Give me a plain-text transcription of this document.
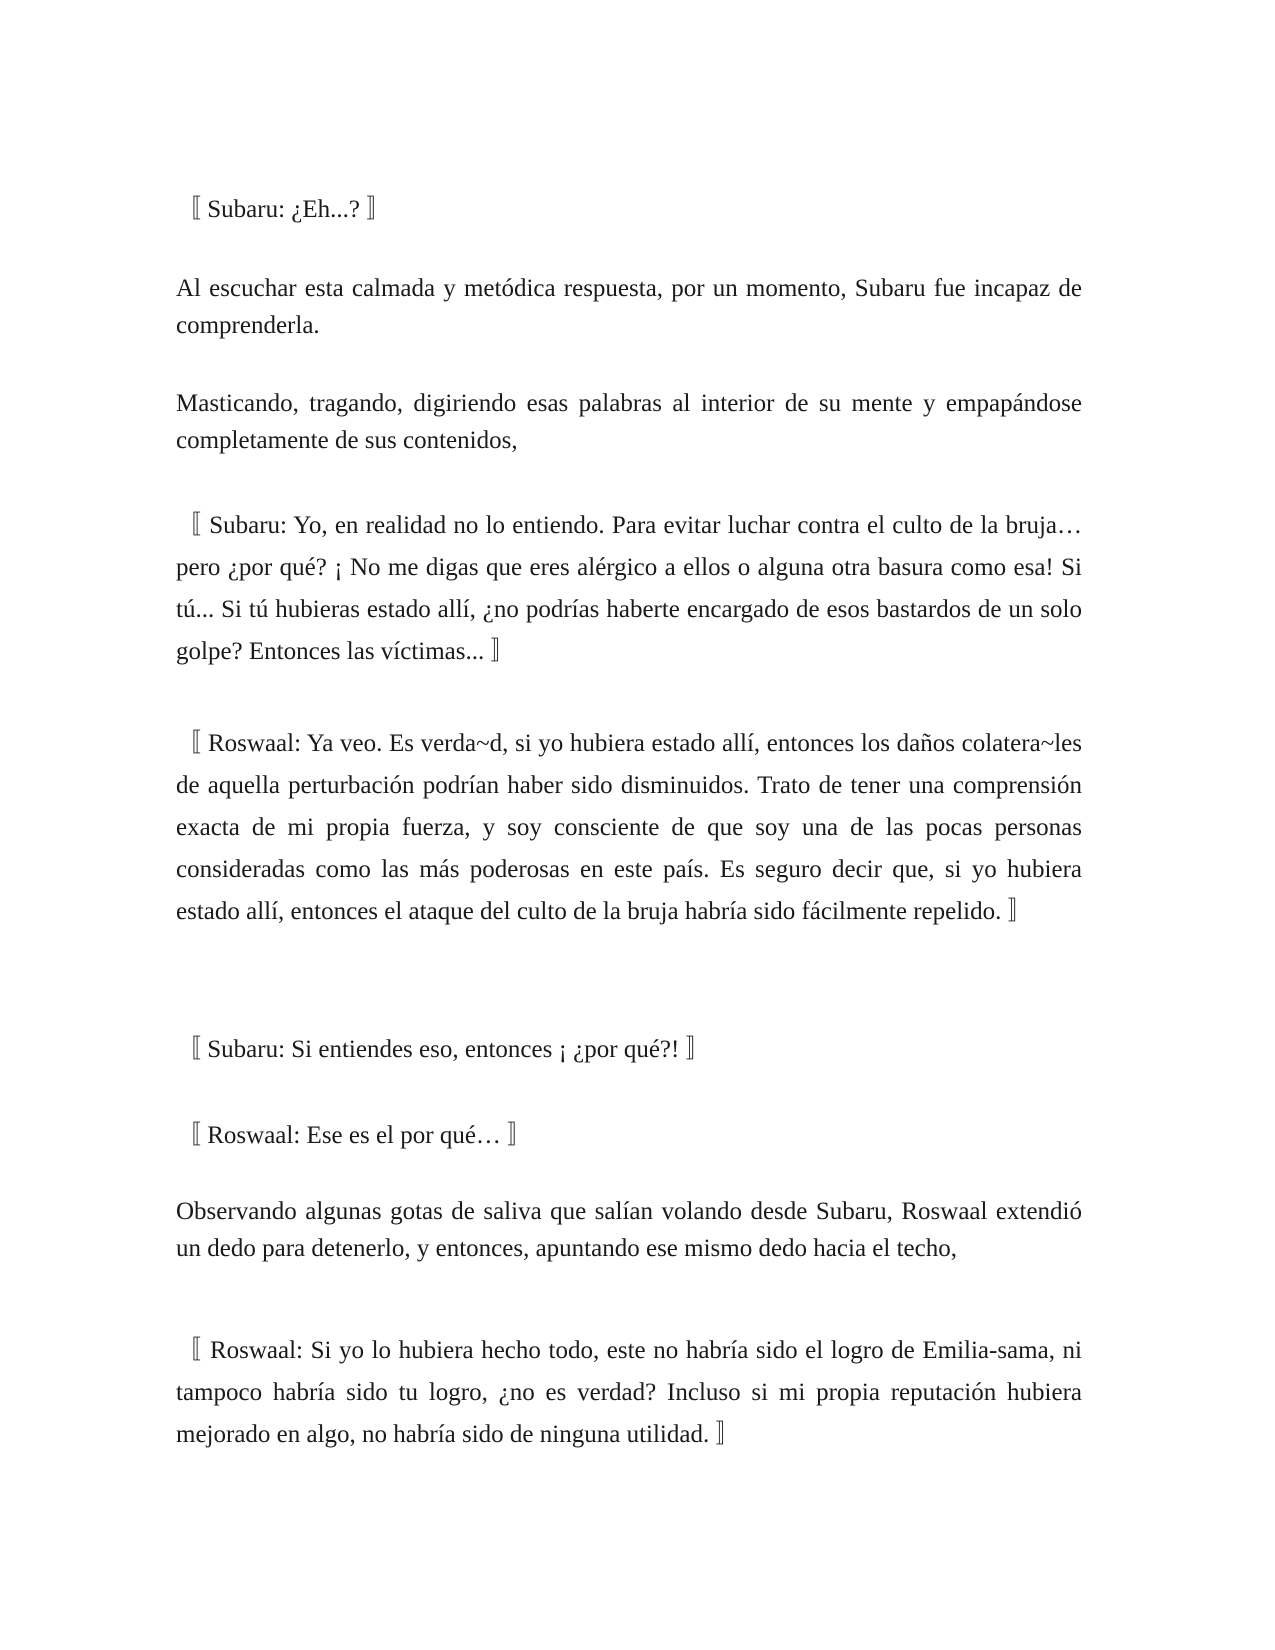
〚 Subaru: ¿Eh...? 〛

Al escuchar esta calmada y metódica respuesta, por un momento, Subaru fue incapaz de comprenderla.

Masticando, tragando, digiriendo esas palabras al interior de su mente y empapándose completamente de sus contenidos,

〚 Subaru: Yo, en realidad no lo entiendo. Para evitar luchar contra el culto de la bruja… pero ¿por qué? ¡ No me digas que eres alérgico a ellos o alguna otra basura como esa! Si tú... Si tú hubieras estado allí, ¿no podrías haberte encargado de esos bastardos de un solo golpe? Entonces las víctimas... 〛

〚 Roswaal: Ya veo. Es verda~d, si yo hubiera estado allí, entonces los daños colatera~les de aquella perturbación podrían haber sido disminuidos. Trato de tener una comprensión exacta de mi propia fuerza, y soy consciente de que soy una de las pocas personas consideradas como las más poderosas en este país. Es seguro decir que, si yo hubiera estado allí, entonces el ataque del culto de la bruja habría sido fácilmente repelido. 〛

〚 Subaru: Si entiendes eso, entonces ¡ ¿por qué?! 〛

〚 Roswaal: Ese es el por qué… 〛

Observando algunas gotas de saliva que salían volando desde Subaru, Roswaal extendió un dedo para detenerlo, y entonces, apuntando ese mismo dedo hacia el techo,

〚 Roswaal: Si yo lo hubiera hecho todo, este no habría sido el logro de Emilia-sama, ni tampoco habría sido tu logro, ¿no es verdad? Incluso si mi propia reputación hubiera mejorado en algo, no habría sido de ninguna utilidad. 〛
